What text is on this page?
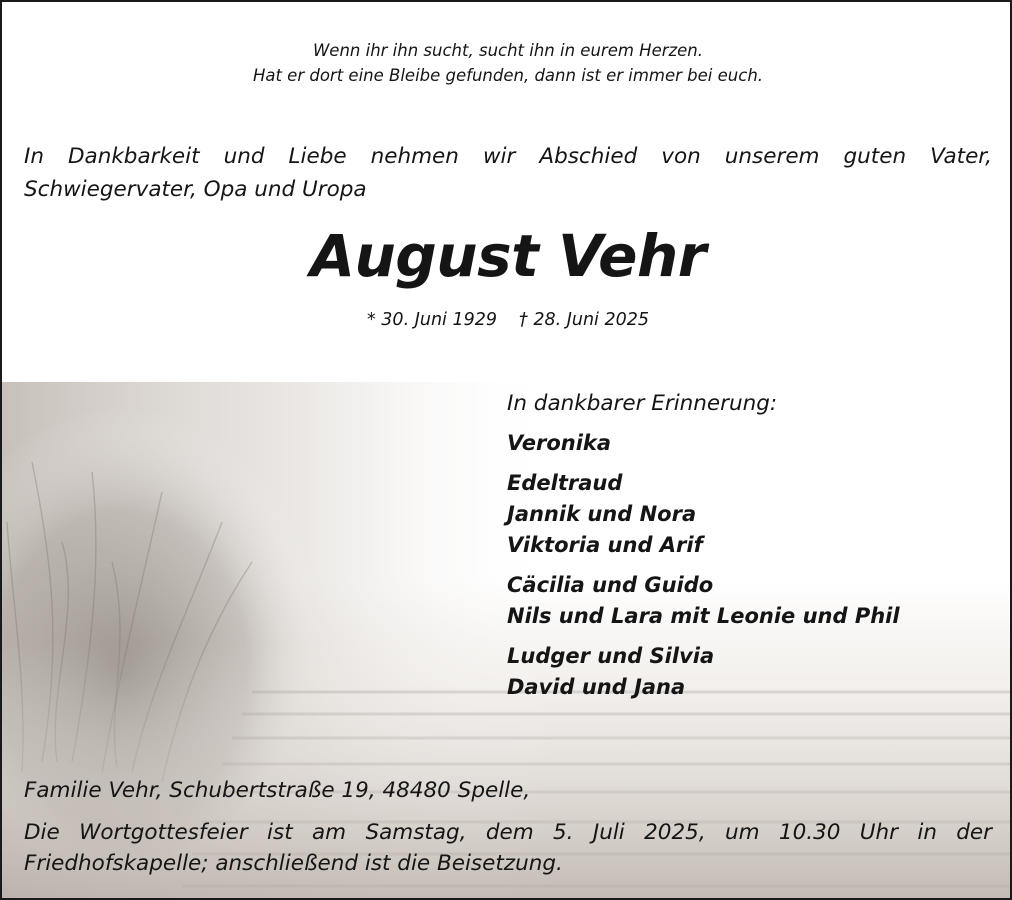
Wenn ihr ihn sucht, sucht ihn in eurem Herzen.
Hat er dort eine Bleibe gefunden, dann ist er immer bei euch.
In Dankbarkeit und Liebe nehmen wir Abschied von unserem guten Vater, Schwiegervater, Opa und Uropa
August Vehr
* 30. Juni 1929 † 28. Juni 2025
In dankbarer Erinnerung:
Veronika
Edeltraud
Jannik und Nora
Viktoria und Arif
Cäcilia und Guido
Nils und Lara mit Leonie und Phil
Ludger und Silvia
David und Jana
Familie Vehr, Schubertstraße 19, 48480 Spelle,
Die Wortgottesfeier ist am Samstag, dem 5. Juli 2025, um 10.30 Uhr in der Friedhofskapelle; anschließend ist die Beisetzung.
